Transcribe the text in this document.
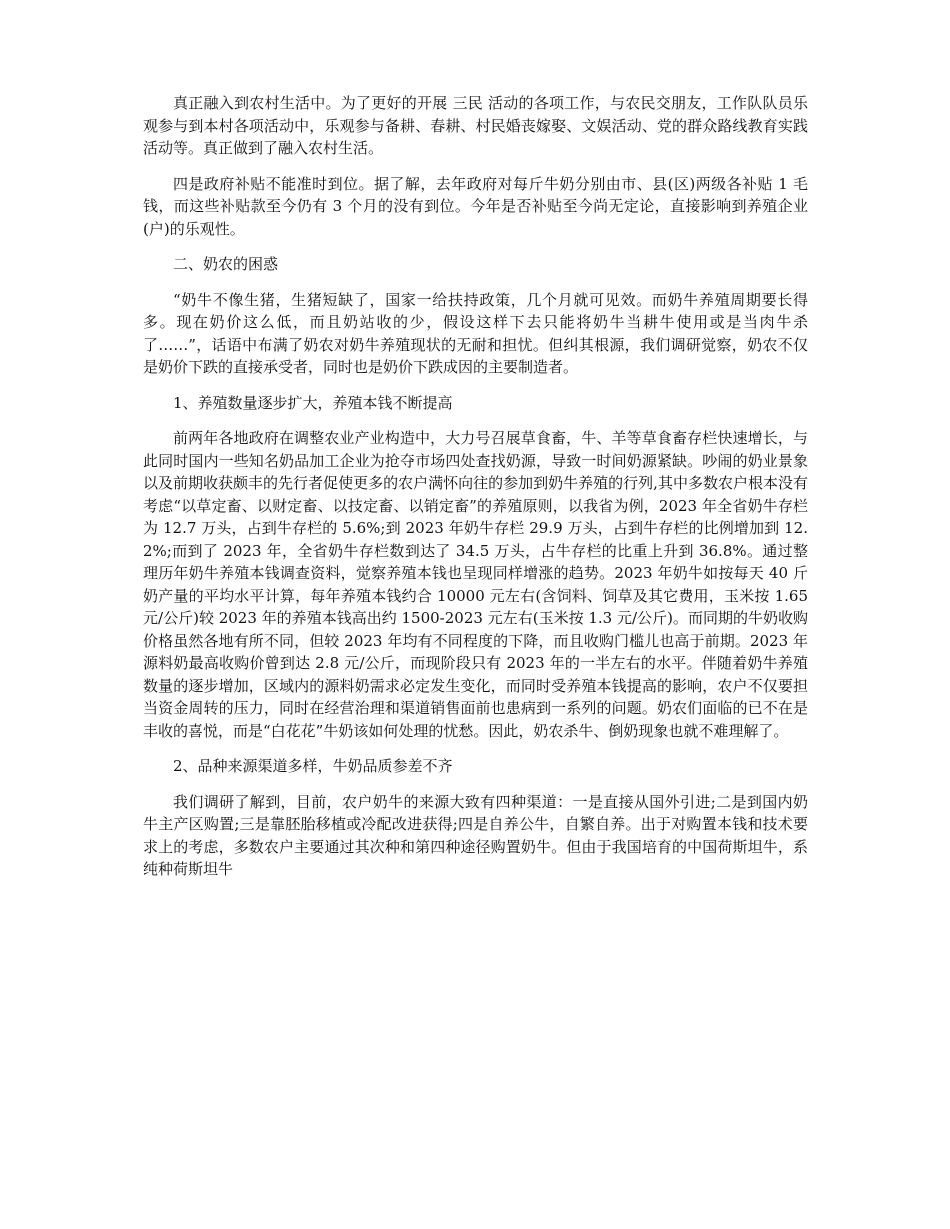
真正融入到农村生活中。为了更好的开展 三民 活动的各项工作，与农民交朋友，工作队队员乐观参与到本村各项活动中，乐观参与备耕、春耕、村民婚丧嫁娶、文娱活动、党的群众路线教育实践活动等。真正做到了融入农村生活。

四是政府补贴不能准时到位。据了解，去年政府对每斤牛奶分别由市、县(区)两级各补贴 1 毛钱，而这些补贴款至今仍有 3 个月的没有到位。今年是否补贴至今尚无定论，直接影响到养殖企业(户)的乐观性。

二、奶农的困惑

“奶牛不像生猪，生猪短缺了，国家一给扶持政策，几个月就可见效。而奶牛养殖周期要长得多。现在奶价这么低，而且奶站收的少，假设这样下去只能将奶牛当耕牛使用或是当肉牛杀了……”，话语中布满了奶农对奶牛养殖现状的无耐和担忧。但纠其根源，我们调研觉察，奶农不仅是奶价下跌的直接承受者，同时也是奶价下跌成因的主要制造者。

1、养殖数量逐步扩大，养殖本钱不断提高

前两年各地政府在调整农业产业构造中，大力号召展草食畜，牛、羊等草食畜存栏快速增长，与此同时国内一些知名奶品加工企业为抢夺市场四处查找奶源，导致一时间奶源紧缺。吵闹的奶业景象以及前期收获颇丰的先行者促使更多的农户满怀向往的参加到奶牛养殖的行列,其中多数农户根本没有考虑“以草定畜、以财定畜、以技定畜、以销定畜”的养殖原则，以我省为例，2023 年全省奶牛存栏为 12.7 万头，占到牛存栏的 5.6%;到 2023 年奶牛存栏 29.9 万头，占到牛存栏的比例增加到 12.2%;而到了 2023 年，全省奶牛存栏数到达了 34.5 万头，占牛存栏的比重上升到 36.8%。通过整理历年奶牛养殖本钱调查资料，觉察养殖本钱也呈现同样增涨的趋势。2023 年奶牛如按每天 40 斤奶产量的平均水平计算，每年养殖本钱约合 10000 元左右(含饲料、饲草及其它费用，玉米按 1.65 元/公斤)较 2023 年的养殖本钱高出约 1500-2023 元左右(玉米按 1.3 元/公斤)。而同期的牛奶收购价格虽然各地有所不同，但较 2023 年均有不同程度的下降，而且收购门槛儿也高于前期。2023 年源料奶最高收购价曾到达 2.8 元/公斤，而现阶段只有 2023 年的一半左右的水平。伴随着奶牛养殖数量的逐步增加，区域内的源料奶需求必定发生变化，而同时受养殖本钱提高的影响，农户不仅要担当资金周转的压力，同时在经营治理和渠道销售面前也患病到一系列的问题。奶农们面临的已不在是丰收的喜悦，而是“白花花”牛奶该如何处理的忧愁。因此，奶农杀牛、倒奶现象也就不难理解了。

2、品种来源渠道多样，牛奶品质参差不齐

我们调研了解到，目前，农户奶牛的来源大致有四种渠道：一是直接从国外引进;二是到国内奶牛主产区购置;三是靠胚胎移植或冷配改进获得;四是自养公牛，自繁自养。出于对购置本钱和技术要求上的考虑，多数农户主要通过其次种和第四种途径购置奶牛。但由于我国培育的中国荷斯坦牛，系纯种荷斯坦牛
